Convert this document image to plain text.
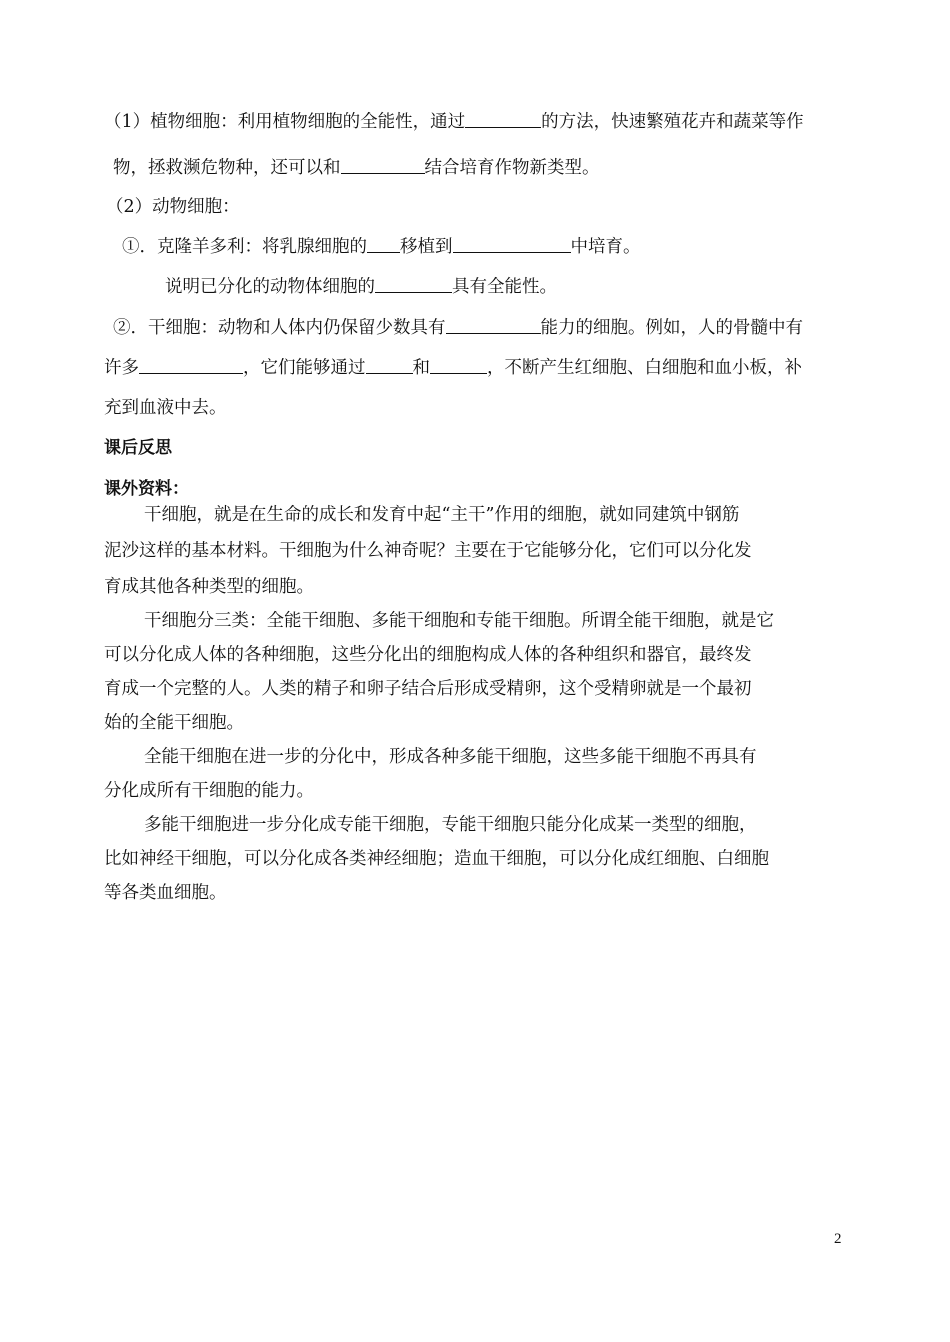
（1）植物细胞：利用植物细胞的全能性，通过	的方法，快速繁殖花卉和蔬菜等作
物，拯救濒危物种，还可以和	结合培育作物新类型。
（2）动物细胞：
①．克隆羊多利：将乳腺细胞的 移植到	中培育。
说明已分化的动物体细胞的	具有全能性。
②．干细胞：动物和人体内仍保留少数具有	能力的细胞。例如，人的骨髓中有
许多	，它们能够通过	和	，不断产生红细胞、白细胞和血小板，补
充到血液中去。
课后反思
课外资料：
干细胞，就是在生命的成长和发育中起“主干”作用的细胞，就如同建筑中钢筋
泥沙这样的基本材料。干细胞为什么神奇呢？主要在于它能够分化，它们可以分化发
育成其他各种类型的细胞。
干细胞分三类：全能干细胞、多能干细胞和专能干细胞。所谓全能干细胞，就是它
可以分化成人体的各种细胞，这些分化出的细胞构成人体的各种组织和器官，最终发
育成一个完整的人。人类的精子和卵子结合后形成受精卵，这个受精卵就是一个最初
始的全能干细胞。
全能干细胞在进一步的分化中，形成各种多能干细胞，这些多能干细胞不再具有
分化成所有干细胞的能力。
多能干细胞进一步分化成专能干细胞，专能干细胞只能分化成某一类型的细胞，
比如神经干细胞，可以分化成各类神经细胞；造血干细胞，可以分化成红细胞、白细胞
等各类血细胞。
2
